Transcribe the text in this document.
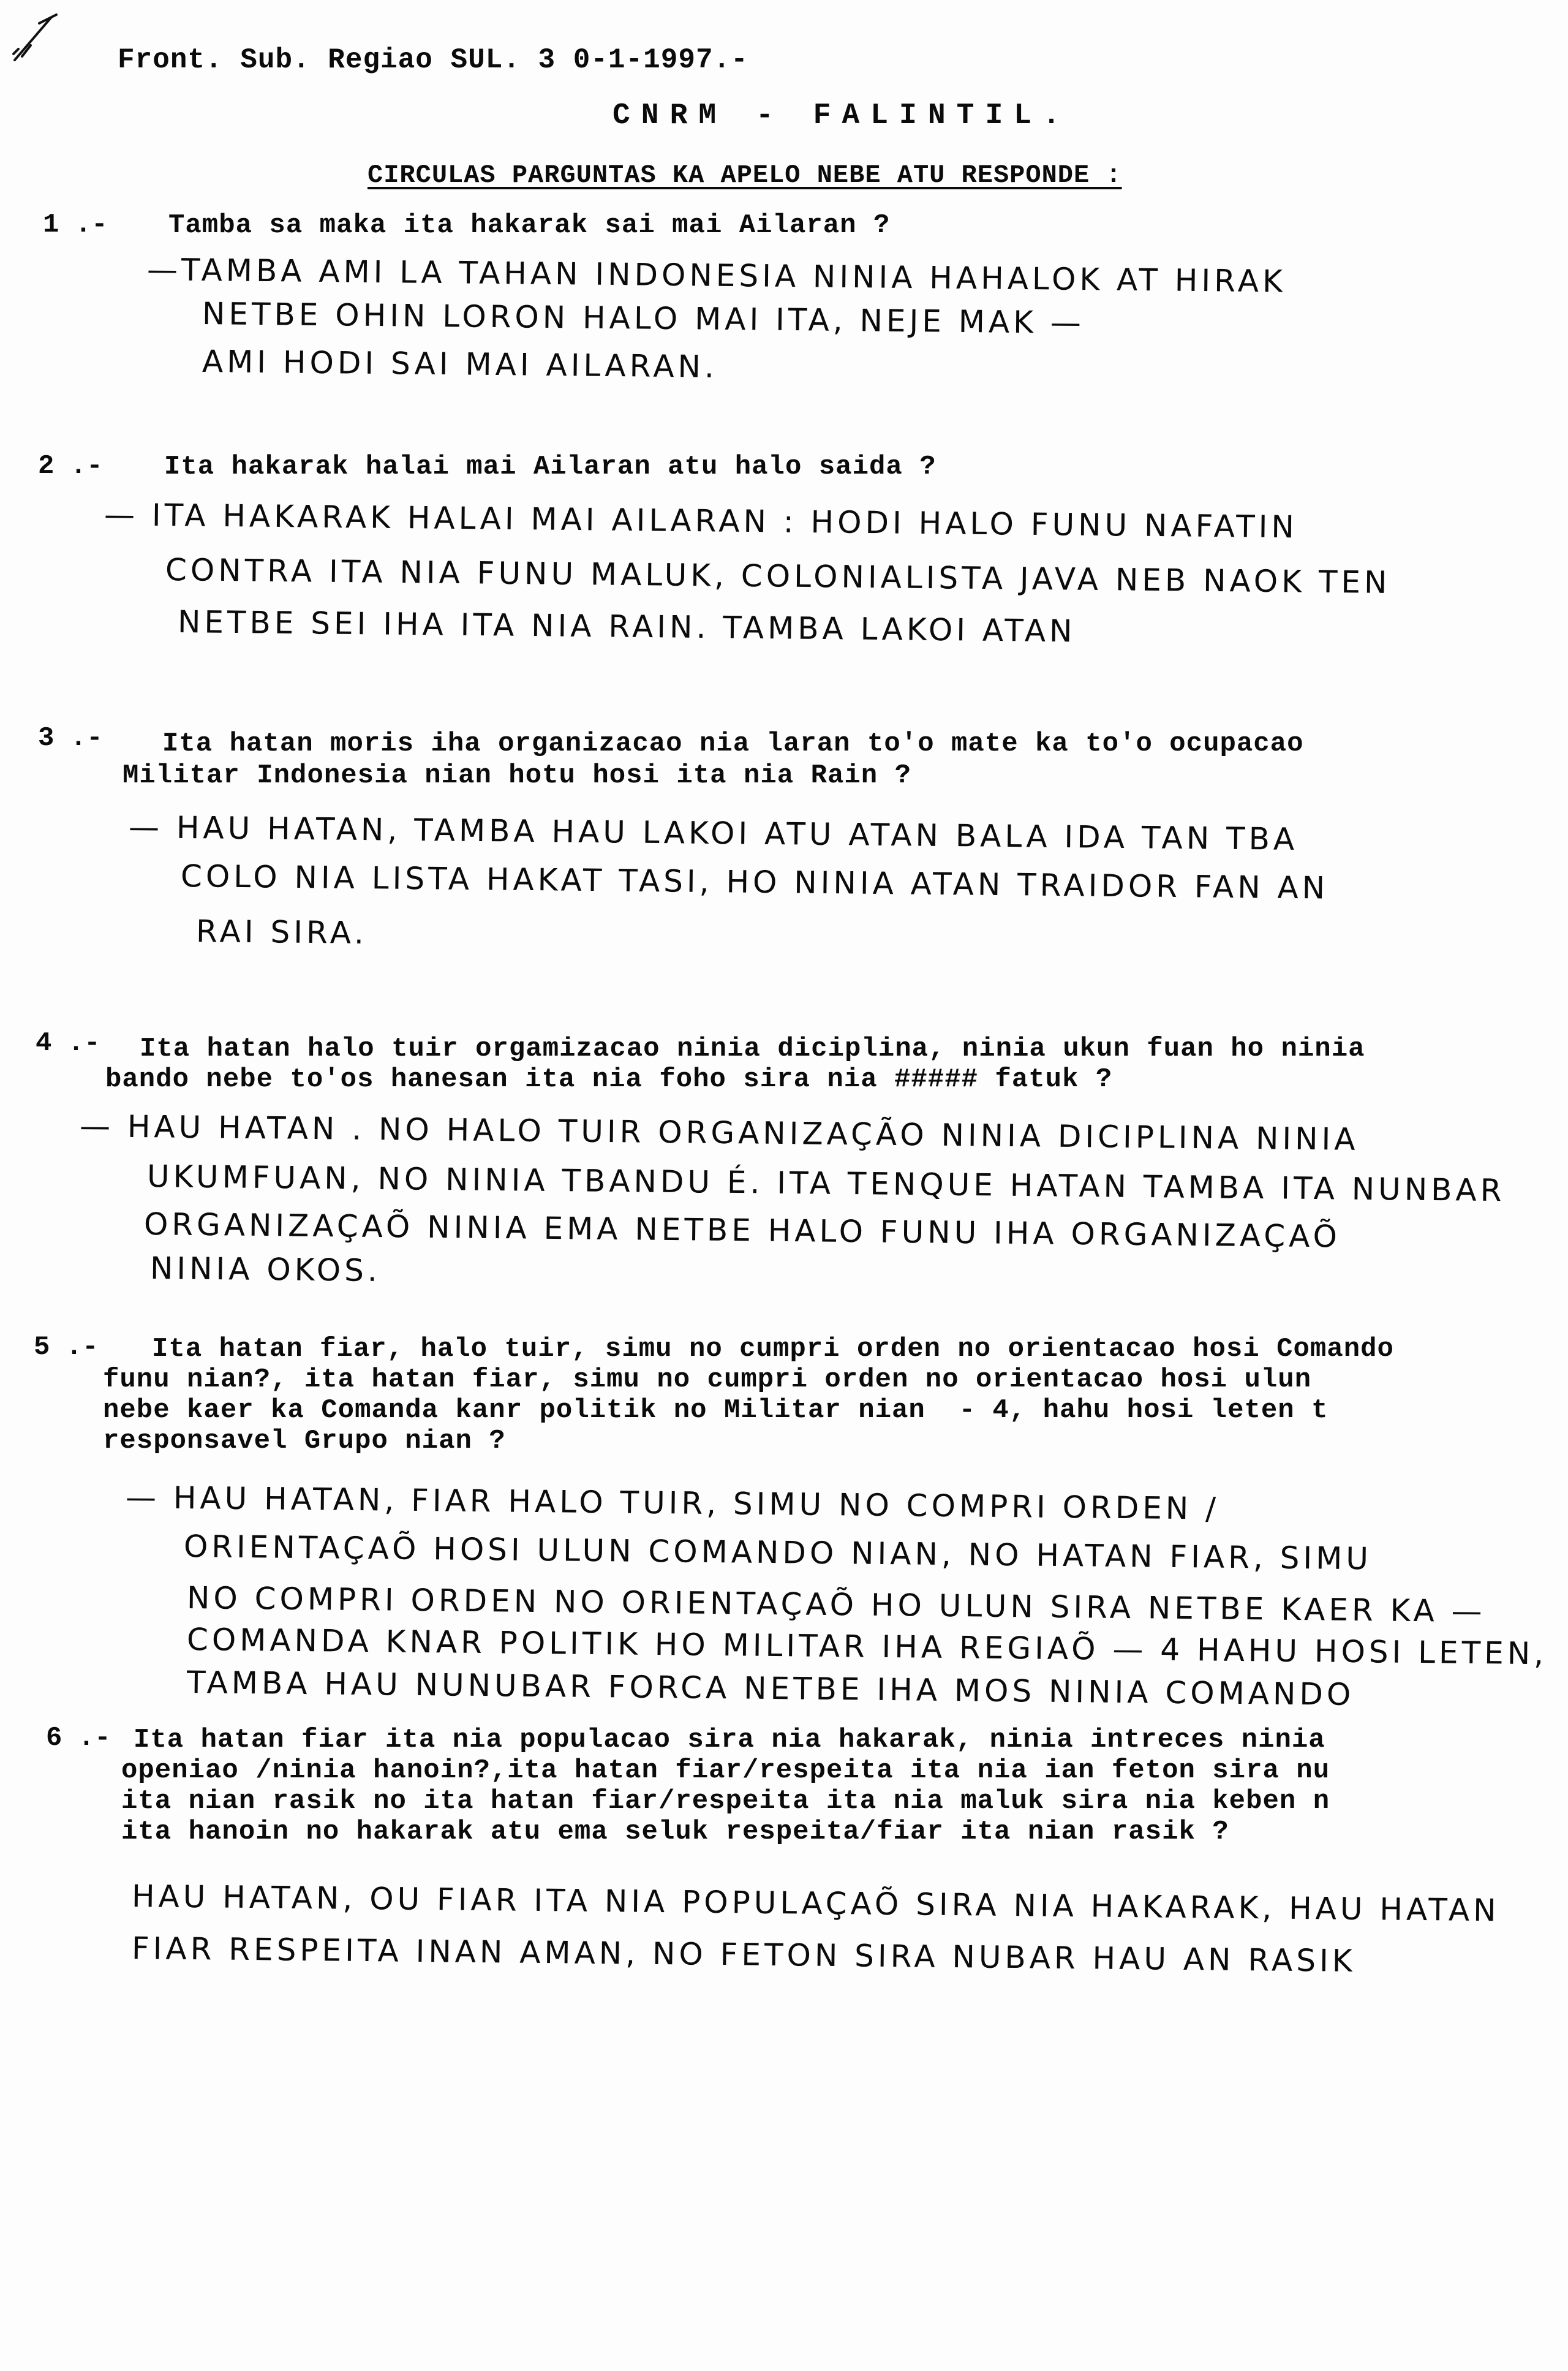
Front. Sub. Regiao SUL. 3 0-1-1997.-
CNRM - FALINTIL.
CIRCULAS PARGUNTAS KA APELO NEBE ATU RESPONDE :
1 .- Tamba sa maka ita hakarak sai mai Ailaran ?
—TAMBA AMI LA TAHAN INDONESIA NINIA HAHALOK AT HIRAK
NETBE OHIN LORON HALO MAI ITA, NEJE MAK —
AMI HODI SAI MAI AILARAN.
2 .- Ita hakarak halai mai Ailaran atu halo saida ?
— ITA HAKARAK HALAI MAI AILARAN : HODI HALO FUNU NAFATIN
CONTRA ITA NIA FUNU MALUK, COLONIALISTA JAVA NEB NAOK TEN
NETBE SEI IHA ITA NIA RAIN. TAMBA LAKOI ATAN
3 .- Ita hatan moris iha organizacao nia laran to'o mate ka to'o ocupacao
Militar Indonesia nian hotu hosi ita nia Rain ?
— HAU HATAN, TAMBA HAU LAKOI ATU ATAN BALA IDA TAN TBA
COLO NIA LISTA HAKAT TASI, HO NINIA ATAN TRAIDOR FAN AN
RAI SIRA.
4 .- Ita hatan halo tuir orgamizacao ninia diciplina, ninia ukun fuan ho ninia
bando nebe to'os hanesan ita nia foho sira nia ##### fatuk ?
— HAU HATAN . NO HALO TUIR ORGANIZAÇÃO NINIA DICIPLINA NINIA
UKUMFUAN, NO NINIA TBANDU É. ITA TENQUE HATAN TAMBA ITA NUNBAR
ORGANIZAÇAÕ NINIA EMA NETBE HALO FUNU IHA ORGANIZAÇAÕ
NINIA OKOS.
5 .- Ita hatan fiar, halo tuir, simu no cumpri orden no orientacao hosi Comando
funu nian?, ita hatan fiar, simu no cumpri orden no orientacao hosi ulun
nebe kaer ka Comanda kanr politik no Militar nian  - 4, hahu hosi leten t
responsavel Grupo nian ?
— HAU HATAN, FIAR HALO TUIR, SIMU NO COMPRI ORDEN /
ORIENTAÇAÕ HOSI ULUN COMANDO NIAN, NO HATAN FIAR, SIMU
NO COMPRI ORDEN NO ORIENTAÇAÕ HO ULUN SIRA NETBE KAER KA —
COMANDA KNAR POLITIK HO MILITAR IHA REGIAÕ — 4 HAHU HOSI LETEN,
TAMBA HAU NUNUBAR FORCA NETBE IHA MOS NINIA COMANDO
6 .- Ita hatan fiar ita nia populacao sira nia hakarak, ninia intreces ninia
openiao /ninia hanoin?,ita hatan fiar/respeita ita nia ian feton sira nu
ita nian rasik no ita hatan fiar/respeita ita nia maluk sira nia keben n
ita hanoin no hakarak atu ema seluk respeita/fiar ita nian rasik ?
HAU HATAN, OU FIAR ITA NIA POPULAÇAÕ SIRA NIA HAKARAK, HAU HATAN
FIAR RESPEITA INAN AMAN, NO FETON SIRA NUBAR HAU AN RASIK
